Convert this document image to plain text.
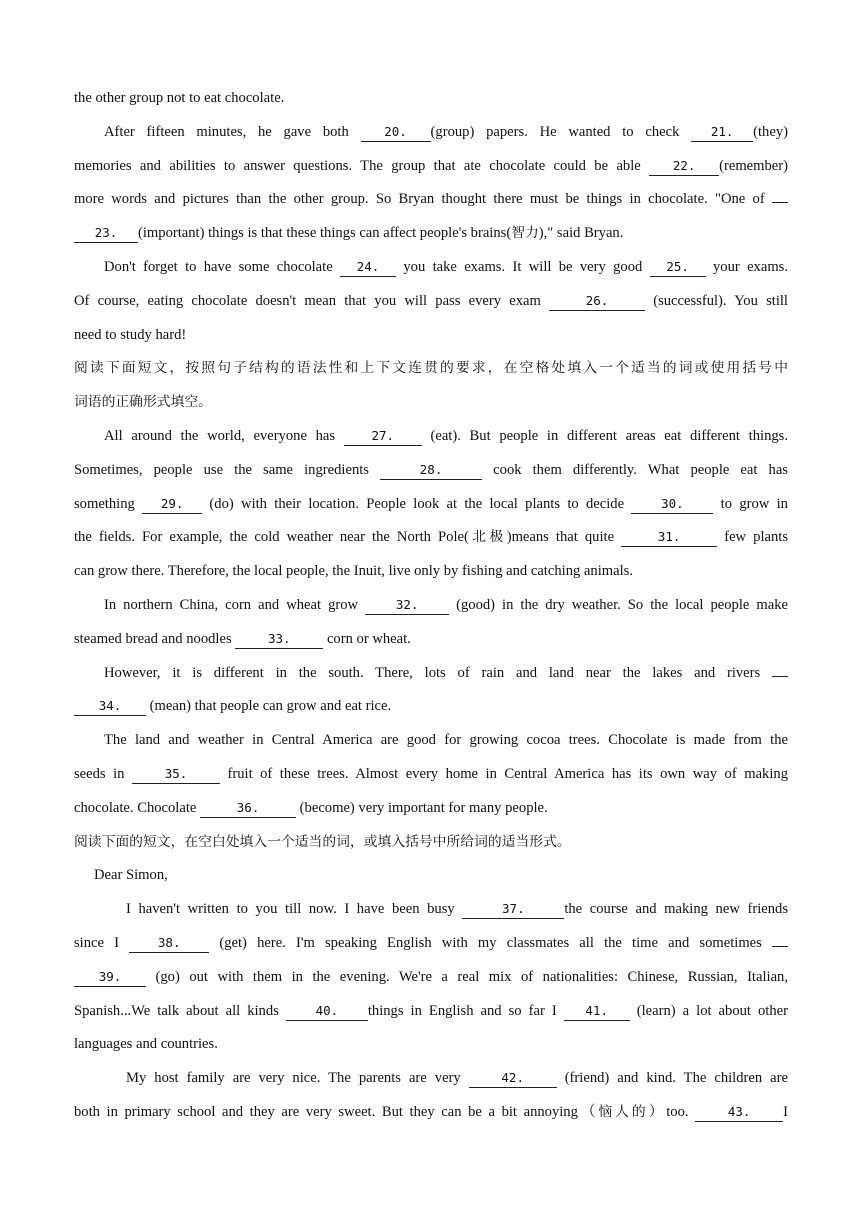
the other group not to eat chocolate.
After fifteen minutes, he gave both 20. (group) papers. He wanted to check 21. (they)
memories and abilities to answer questions. The group that ate chocolate could be able 22. (remember)
more words and pictures than the other group. So Bryan thought there must be things in chocolate. "One of
23. (important) things is that these things can affect people's brains(智力)," said Bryan.
Don't forget to have some chocolate 24. you take exams. It will be very good 25. your exams.
Of course, eating chocolate doesn't mean that you will pass every exam	26.	(successful). You still
need to study hard!
阅读下面短文，按照句子结构的语法性和上下文连贯的要求，在空格处填入一个适当的词或使用括号中
词语的正确形式填空。
All around the world, everyone has 27. (eat). But people in different areas eat different things.
Sometimes, people use the same ingredients	28.	cook them differently. What people eat has
something 29. (do) with their location. People look at the local plants to decide 30. to grow in
the fields. For example, the cold weather near the North Pole(北极)means that quite	31.	few plants
can grow there. Therefore, the local people, the Inuit, live only by fishing and catching animals.
In northern China, corn and wheat grow 32. (good) in the dry weather. So the local people make
steamed bread and noodles	33. corn or wheat.
However, it is different in the south. There, lots of rain and land near the lakes and rivers
34. (mean) that people can grow and eat rice.
The land and weather in Central America are good for growing cocoa trees. Chocolate is made from the
seeds in	35. fruit of these trees. Almost every home in Central America has its own way of making
chocolate. Chocolate	36.	(become) very important for many people.
阅读下面的短文，在空白处填入一个适当的词，或填入括号中所给词的适当形式。
Dear Simon,
I haven't written to you till now. I have been busy	37.	the course and making new friends
since I 38. (get) here. I'm speaking English with my classmates all the time and sometimes
39. (go) out with them in the evening. We're a real mix of nationalities: Chinese, Russian, Italian,
Spanish...We talk about all kinds 40. things in English and so far I 41. (learn) a lot about other
languages and countries.
My host family are very nice. The parents are very	42. (friend) and kind. The children are
both in primary school and they are very sweet. But they can be a bit annoying（恼人的）too.	43. I
